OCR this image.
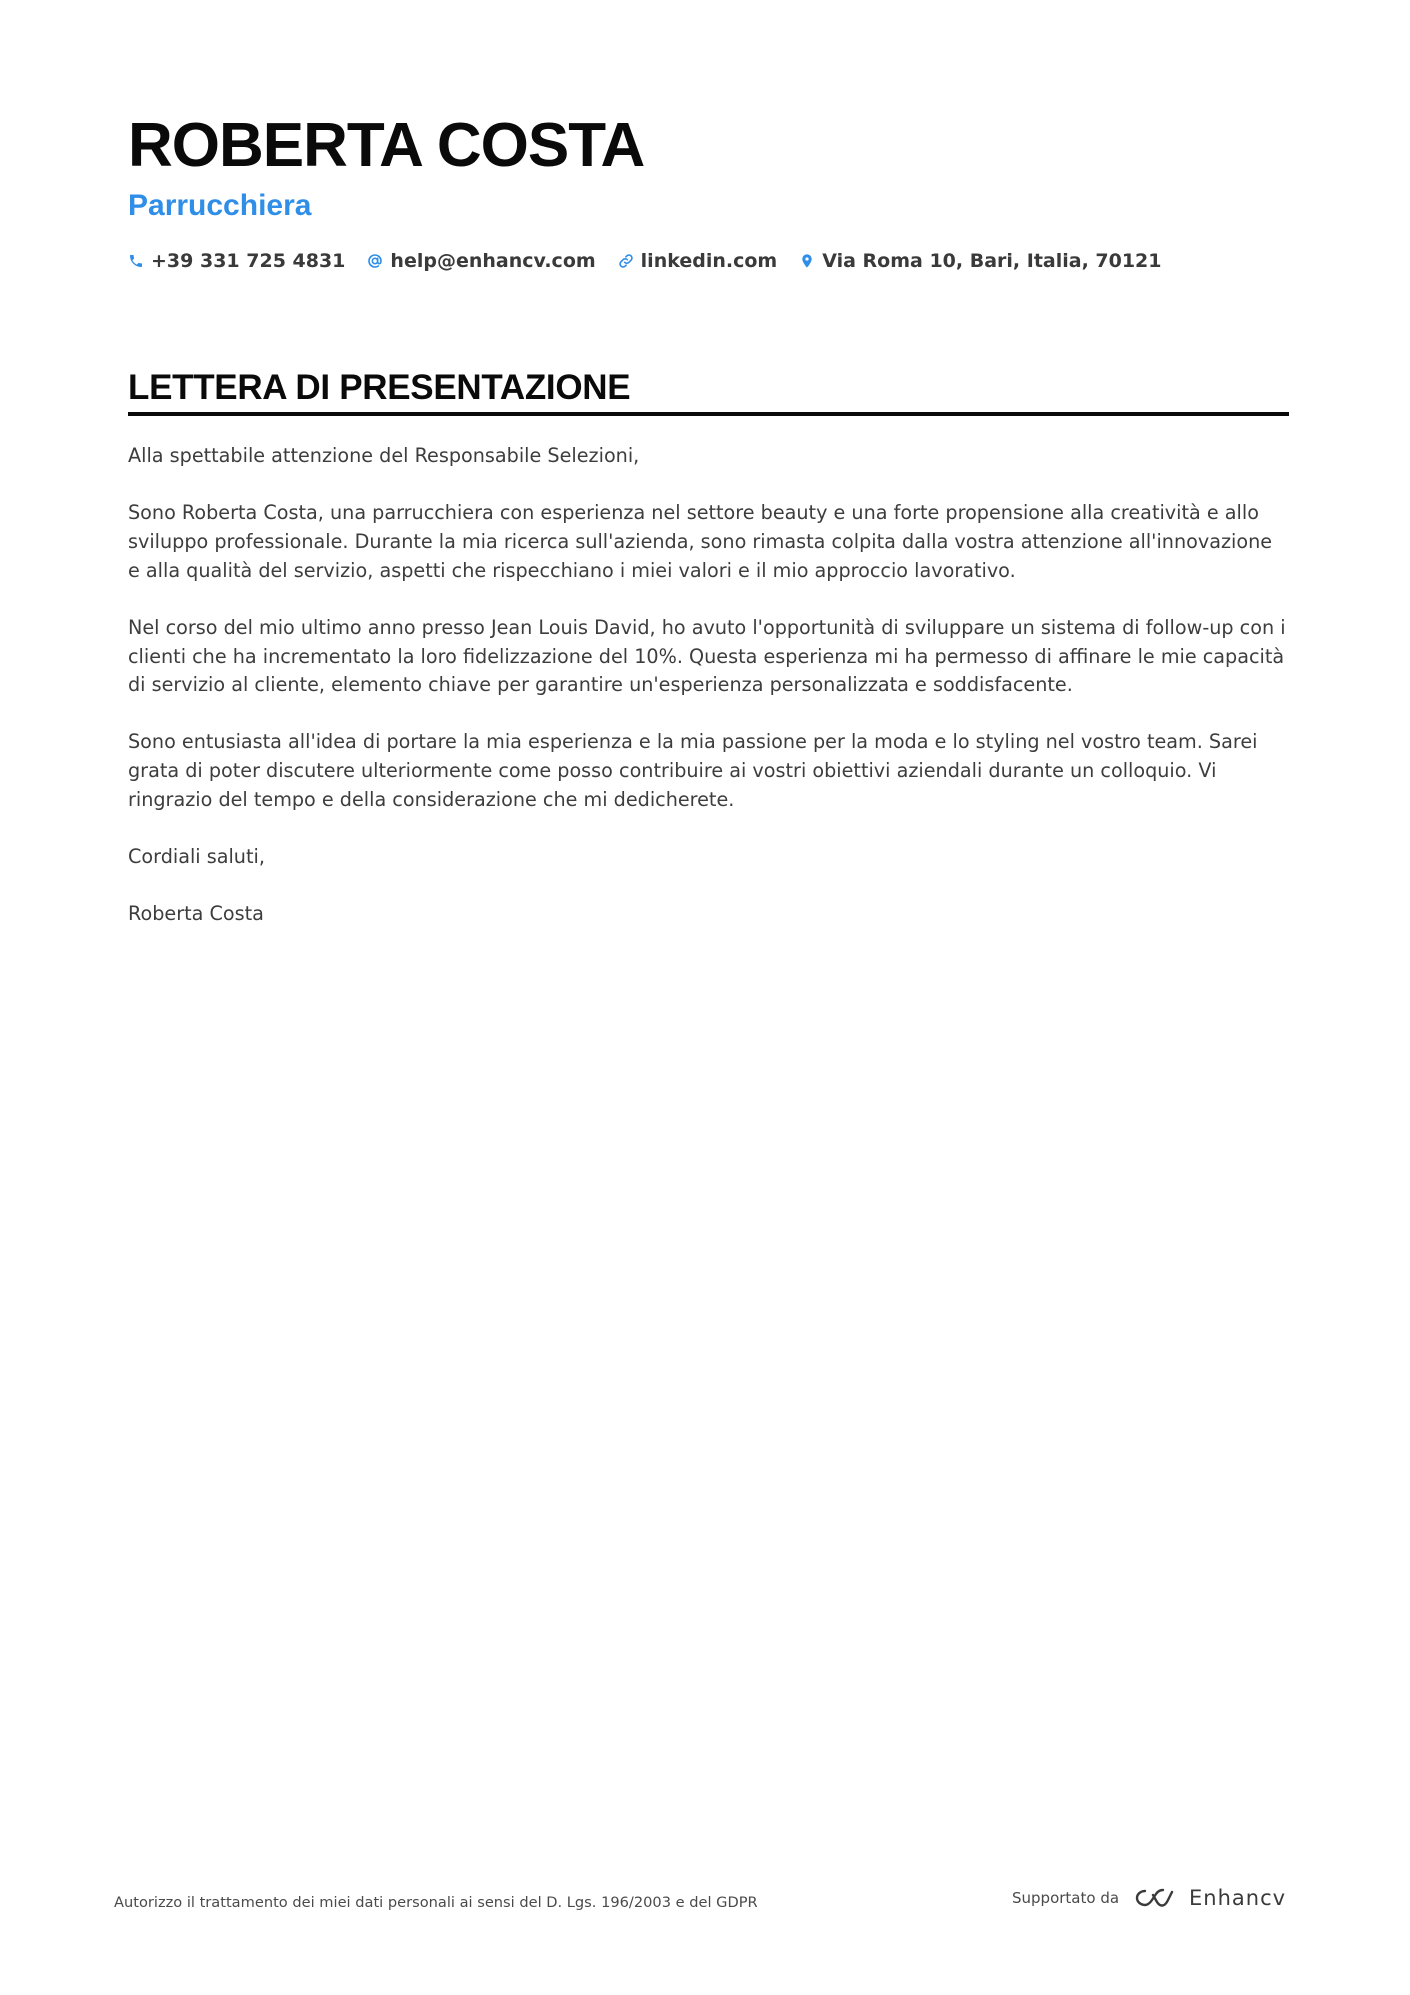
ROBERTA COSTA
Parrucchiera
+39 331 725 4831 help@enhancv.com linkedin.com Via Roma 10, Bari, Italia, 70121
LETTERA DI PRESENTAZIONE

Alla spettabile attenzione del Responsabile Selezioni,

Sono Roberta Costa, una parrucchiera con esperienza nel settore beauty e una forte propensione alla creatività e allo sviluppo professionale. Durante la mia ricerca sull'azienda, sono rimasta colpita dalla vostra attenzione all'innovazione e alla qualità del servizio, aspetti che rispecchiano i miei valori e il mio approccio lavorativo.

Nel corso del mio ultimo anno presso Jean Louis David, ho avuto l'opportunità di sviluppare un sistema di follow-up con i clienti che ha incrementato la loro fidelizzazione del 10%. Questa esperienza mi ha permesso di affinare le mie capacità di servizio al cliente, elemento chiave per garantire un'esperienza personalizzata e soddisfacente.

Sono entusiasta all'idea di portare la mia esperienza e la mia passione per la moda e lo styling nel vostro team. Sarei grata di poter discutere ulteriormente come posso contribuire ai vostri obiettivi aziendali durante un colloquio. Vi ringrazio del tempo e della considerazione che mi dedicherete.

Cordiali saluti,

Roberta Costa

Autorizzo il trattamento dei miei dati personali ai sensi del D. Lgs. 196/2003 e del GDPR	Supportato da	Enhancv
